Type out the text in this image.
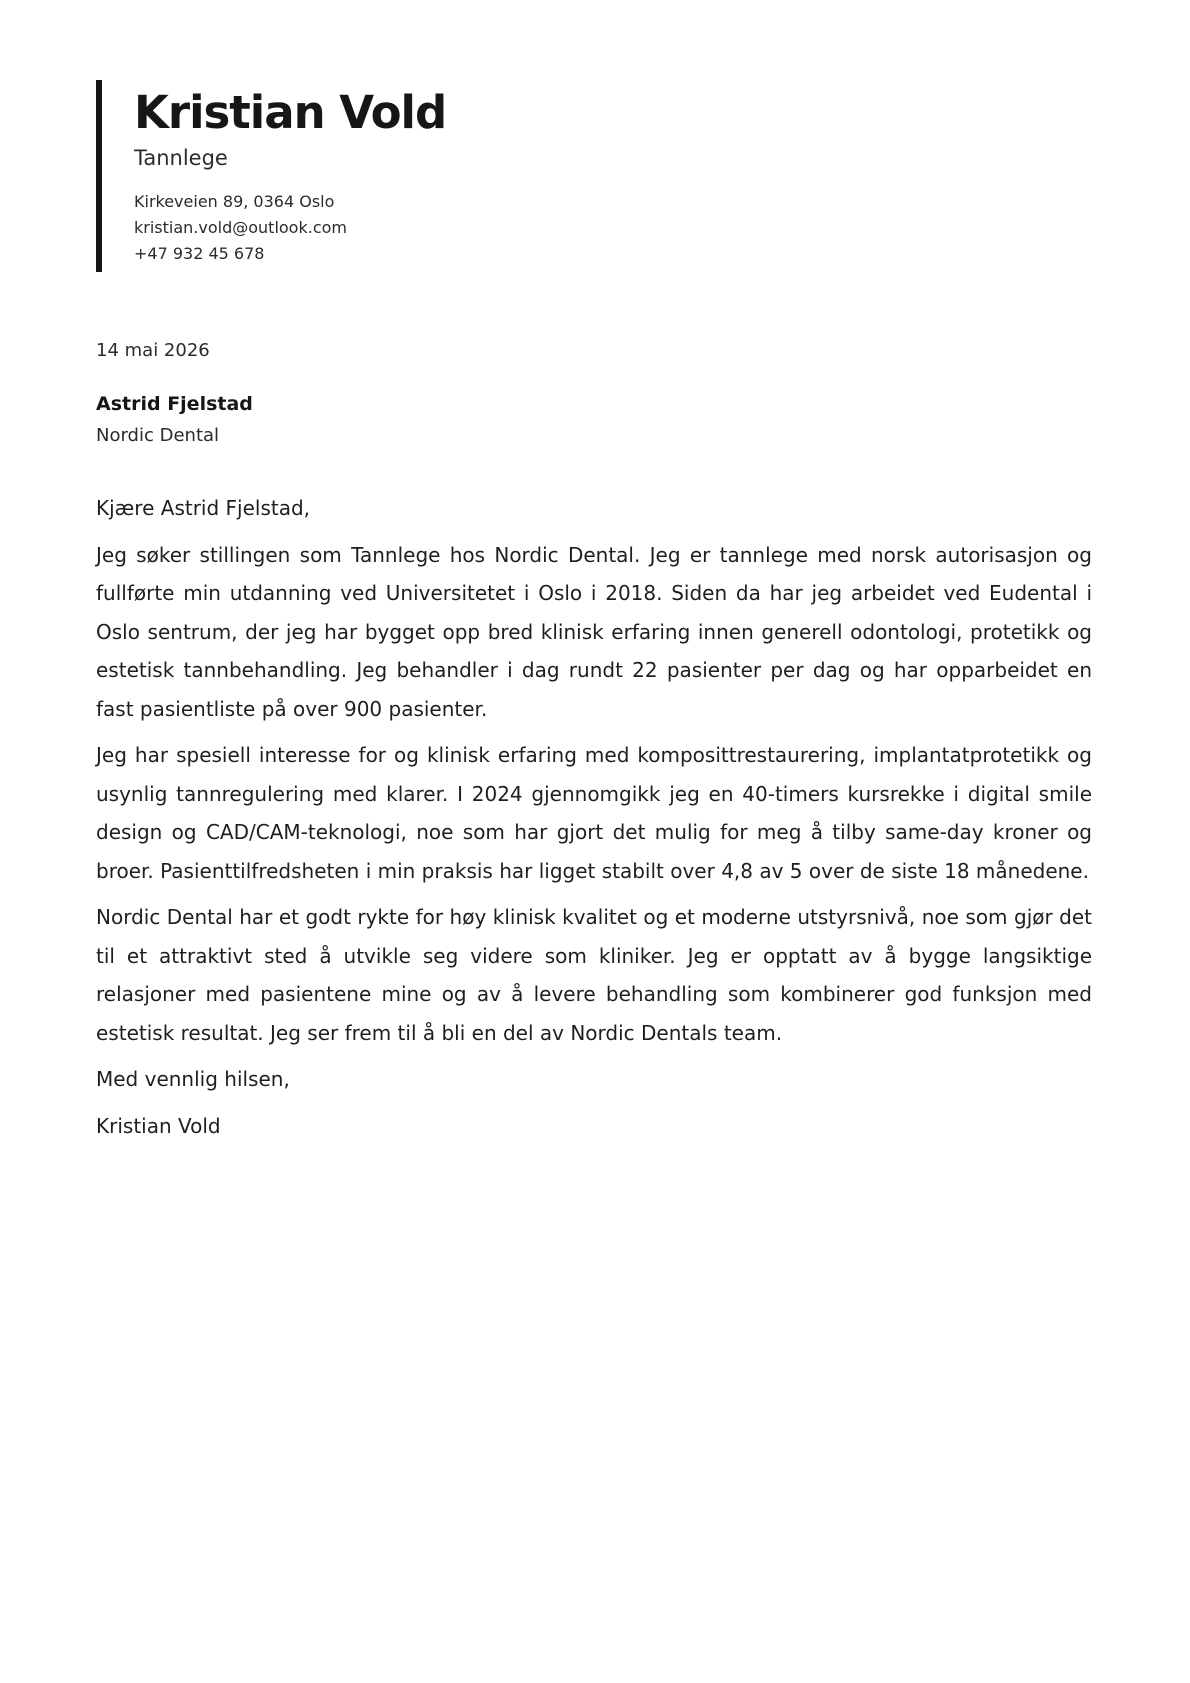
Kristian Vold
Tannlege
Kirkeveien 89, 0364 Oslo
kristian.vold@outlook.com
+47 932 45 678
14 mai 2026
Astrid Fjelstad
Nordic Dental

Kjære Astrid Fjelstad,

Jeg søker stillingen som Tannlege hos Nordic Dental. Jeg er tannlege med norsk autorisasjon og fullførte min utdanning ved Universitetet i Oslo i 2018. Siden da har jeg arbeidet ved Eudental i Oslo sentrum, der jeg har bygget opp bred klinisk erfaring innen generell odontologi, protetikk og estetisk tannbehandling. Jeg behandler i dag rundt 22 pasienter per dag og har opparbeidet en fast pasientliste på over 900 pasienter.

Jeg har spesiell interesse for og klinisk erfaring med komposittrestaurering, implantatprotetikk og usynlig tannregulering med klarer. I 2024 gjennomgikk jeg en 40-timers kursrekke i digital smile design og CAD/CAM-teknologi, noe som har gjort det mulig for meg å tilby same-day kroner og broer. Pasienttilfredsheten i min praksis har ligget stabilt over 4,8 av 5 over de siste 18 månedene.

Nordic Dental har et godt rykte for høy klinisk kvalitet og et moderne utstyrsnivå, noe som gjør det til et attraktivt sted å utvikle seg videre som kliniker. Jeg er opptatt av å bygge langsiktige relasjoner med pasientene mine og av å levere behandling som kombinerer god funksjon med estetisk resultat. Jeg ser frem til å bli en del av Nordic Dentals team.

Med vennlig hilsen,

Kristian Vold
